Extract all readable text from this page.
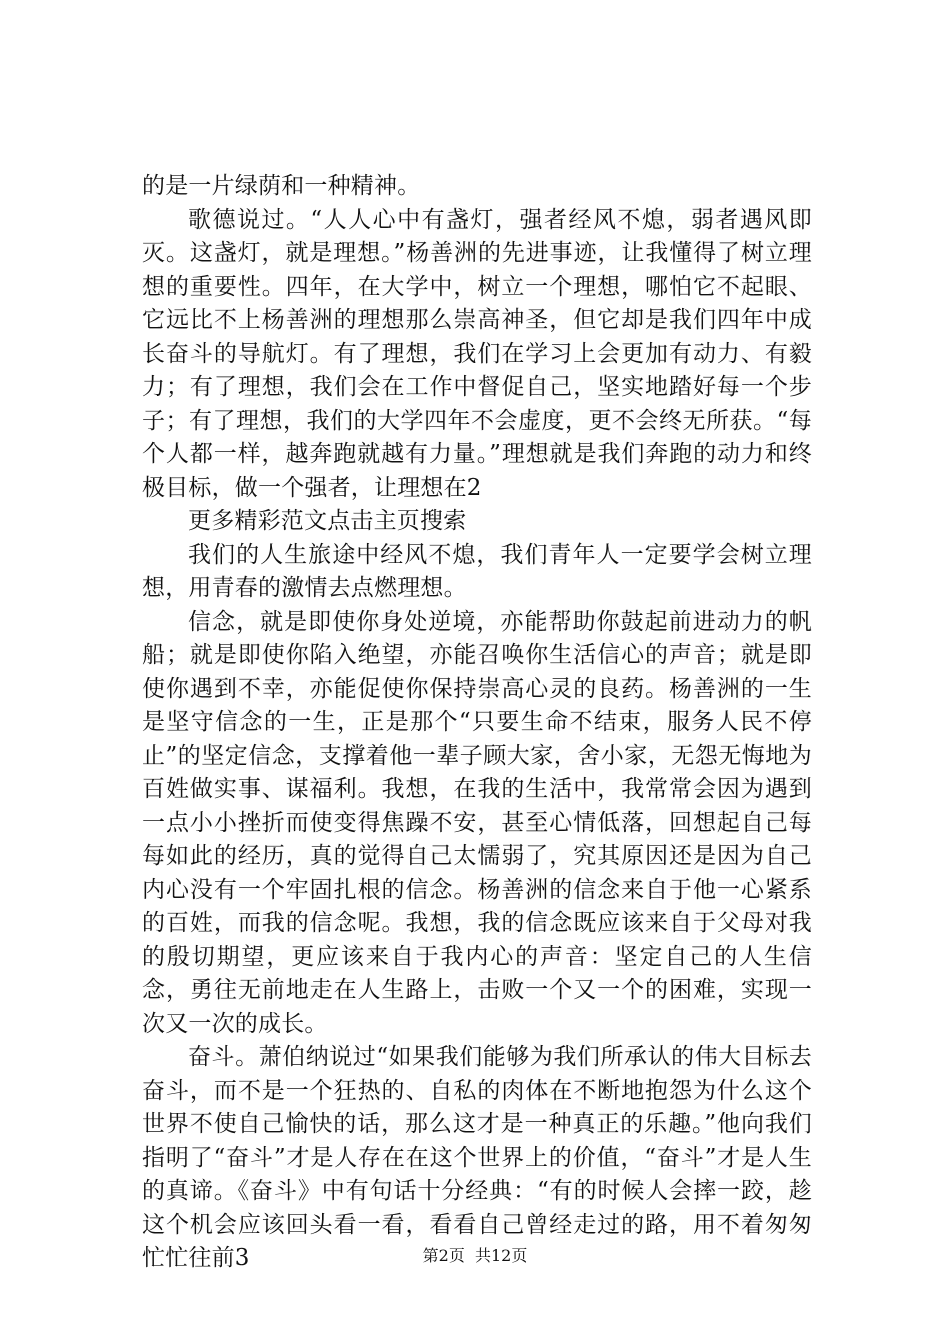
的是一片绿荫和一种精神。

歌德说过。“人人心中有盏灯，强者经风不熄，弱者遇风即灭。这盏灯，就是理想。”杨善洲的先进事迹，让我懂得了树立理想的重要性。四年，在大学中，树立一个理想，哪怕它不起眼、它远比不上杨善洲的理想那么崇高神圣，但它却是我们四年中成长奋斗的导航灯。有了理想，我们在学习上会更加有动力、有毅力；有了理想，我们会在工作中督促自己，坚实地踏好每一个步子；有了理想，我们的大学四年不会虚度，更不会终无所获。“每个人都一样，越奔跑就越有力量。”理想就是我们奔跑的动力和终极目标，做一个强者，让理想在2

更多精彩范文点击主页搜索

我们的人生旅途中经风不熄，我们青年人一定要学会树立理想，用青春的激情去点燃理想。

信念，就是即使你身处逆境，亦能帮助你鼓起前进动力的帆船；就是即使你陷入绝望，亦能召唤你生活信心的声音；就是即使你遇到不幸，亦能促使你保持崇高心灵的良药。杨善洲的一生是坚守信念的一生，正是那个“只要生命不结束，服务人民不停止”的坚定信念，支撑着他一辈子顾大家，舍小家，无怨无悔地为百姓做实事、谋福利。我想，在我的生活中，我常常会因为遇到一点小小挫折而使变得焦躁不安，甚至心情低落，回想起自己每每如此的经历，真的觉得自己太懦弱了，究其原因还是因为自己内心没有一个牢固扎根的信念。杨善洲的信念来自于他一心紧系的百姓，而我的信念呢。我想，我的信念既应该来自于父母对我的殷切期望，更应该来自于我内心的声音：坚定自己的人生信念，勇往无前地走在人生路上，击败一个又一个的困难，实现一次又一次的成长。

奋斗。萧伯纳说过“如果我们能够为我们所承认的伟大目标去奋斗，而不是一个狂热的、自私的肉体在不断地抱怨为什么这个世界不使自己愉快的话，那么这才是一种真正的乐趣。”他向我们指明了“奋斗”才是人存在在这个世界上的价值，“奋斗”才是人生的真谛。《奋斗》中有句话十分经典：“有的时候人会摔一跤，趁这个机会应该回头看一看，看看自己曾经走过的路，用不着匆匆忙忙往前3	第2页  共12页
